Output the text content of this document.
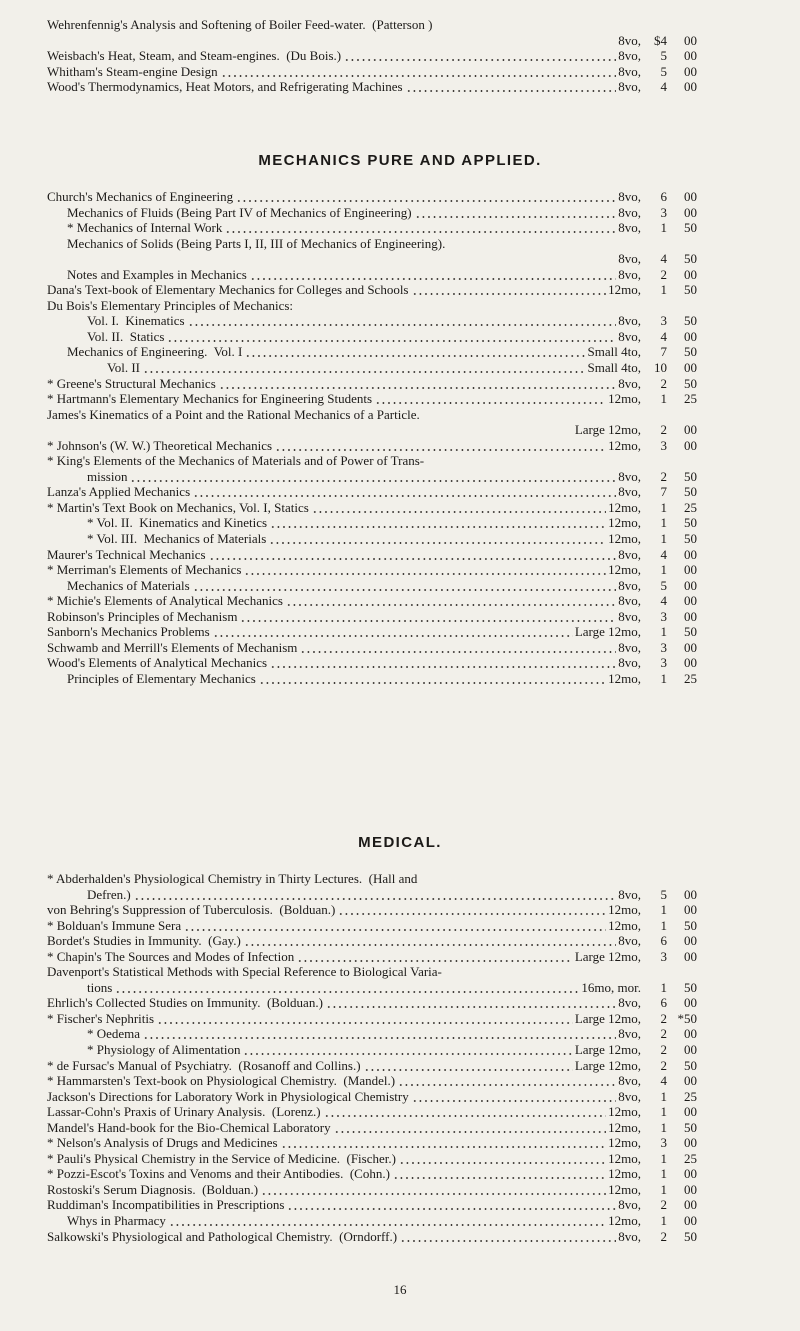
Wehrenfennig's Analysis and Softening of Boiler Feed-water.  (Patterson )
8vo,	$4 00
Weisbach's Heat, Steam, and Steam-engines.  (Du Bois.)	8vo,	5 00
Whitham's Steam-engine Design	8vo,	5 00
Wood's Thermodynamics, Heat Motors, and Refrigerating Machines	8vo,	4 00
MECHANICS PURE AND APPLIED.
Church's Mechanics of Engineering	8vo,	6 00
Mechanics of Fluids (Being Part IV of Mechanics of Engineering)	8vo,	3 00
* Mechanics of Internal Work	8vo,	1 50
Mechanics of Solids (Being Parts I, II, III of Mechanics of Engineering).
8vo,	4 50
Notes and Examples in Mechanics	8vo,	2 00
Dana's Text-book of Elementary Mechanics for Colleges and Schools	12mo,	1 50
Du Bois's Elementary Principles of Mechanics:
Vol. I.  Kinematics	8vo,	3 50
Vol. II.  Statics	8vo,	4 00
Mechanics of Engineering.  Vol. I	Small 4to,	7 50
Vol. II	Small 4to,	10 00
* Greene's Structural Mechanics	8vo,	2 50
* Hartmann's Elementary Mechanics for Engineering Students	12mo,	1 25
James's Kinematics of a Point and the Rational Mechanics of a Particle.
Large 12mo,	2 00
* Johnson's (W. W.) Theoretical Mechanics	12mo,	3 00
* King's Elements of the Mechanics of Materials and of Power of Trans-
mission	8vo,	2 50
Lanza's Applied Mechanics	8vo,	7 50
* Martin's Text Book on Mechanics, Vol. I, Statics	12mo,	1 25
* Vol. II.  Kinematics and Kinetics	12mo,	1 50
* Vol. III.  Mechanics of Materials	12mo,	1 50
Maurer's Technical Mechanics	8vo,	4 00
* Merriman's Elements of Mechanics	12mo,	1 00
Mechanics of Materials	8vo,	5 00
* Michie's Elements of Analytical Mechanics	8vo,	4 00
Robinson's Principles of Mechanism	8vo,	3 00
Sanborn's Mechanics Problems	Large 12mo,	1 50
Schwamb and Merrill's Elements of Mechanism	8vo,	3 00
Wood's Elements of Analytical Mechanics	8vo,	3 00
Principles of Elementary Mechanics	12mo,	1 25
MEDICAL.
* Abderhalden's Physiological Chemistry in Thirty Lectures.  (Hall and
Defren.)	8vo,	5 00
von Behring's Suppression of Tuberculosis.  (Bolduan.)	12mo,	1 00
* Bolduan's Immune Sera	12mo,	1 50
Bordet's Studies in Immunity.  (Gay.)	8vo,	6 00
* Chapin's The Sources and Modes of Infection	Large 12mo,	3 00
Davenport's Statistical Methods with Special Reference to Biological Varia-
tions	16mo, mor.	1 50
Ehrlich's Collected Studies on Immunity.  (Bolduan.)	8vo,	6 00
* Fischer's Nephritis	Large 12mo,	2 *50
* Oedema	8vo,	2 00
* Physiology of Alimentation	Large 12mo,	2 00
* de Fursac's Manual of Psychiatry.  (Rosanoff and Collins.)	Large 12mo,	2 50
* Hammarsten's Text-book on Physiological Chemistry.  (Mandel.)	8vo,	4 00
Jackson's Directions for Laboratory Work in Physiological Chemistry	8vo,	1 25
Lassar-Cohn's Praxis of Urinary Analysis.  (Lorenz.)	12mo,	1 00
Mandel's Hand-book for the Bio-Chemical Laboratory	12mo,	1 50
* Nelson's Analysis of Drugs and Medicines	12mo,	3 00
* Pauli's Physical Chemistry in the Service of Medicine.  (Fischer.)	12mo,	1 25
* Pozzi-Escot's Toxins and Venoms and their Antibodies.  (Cohn.)	12mo,	1 00
Rostoski's Serum Diagnosis.  (Bolduan.)	12mo,	1 00
Ruddiman's Incompatibilities in Prescriptions	8vo,	2 00
Whys in Pharmacy	12mo,	1 00
Salkowski's Physiological and Pathological Chemistry.  (Orndorff.)	8vo,	2 50
16
